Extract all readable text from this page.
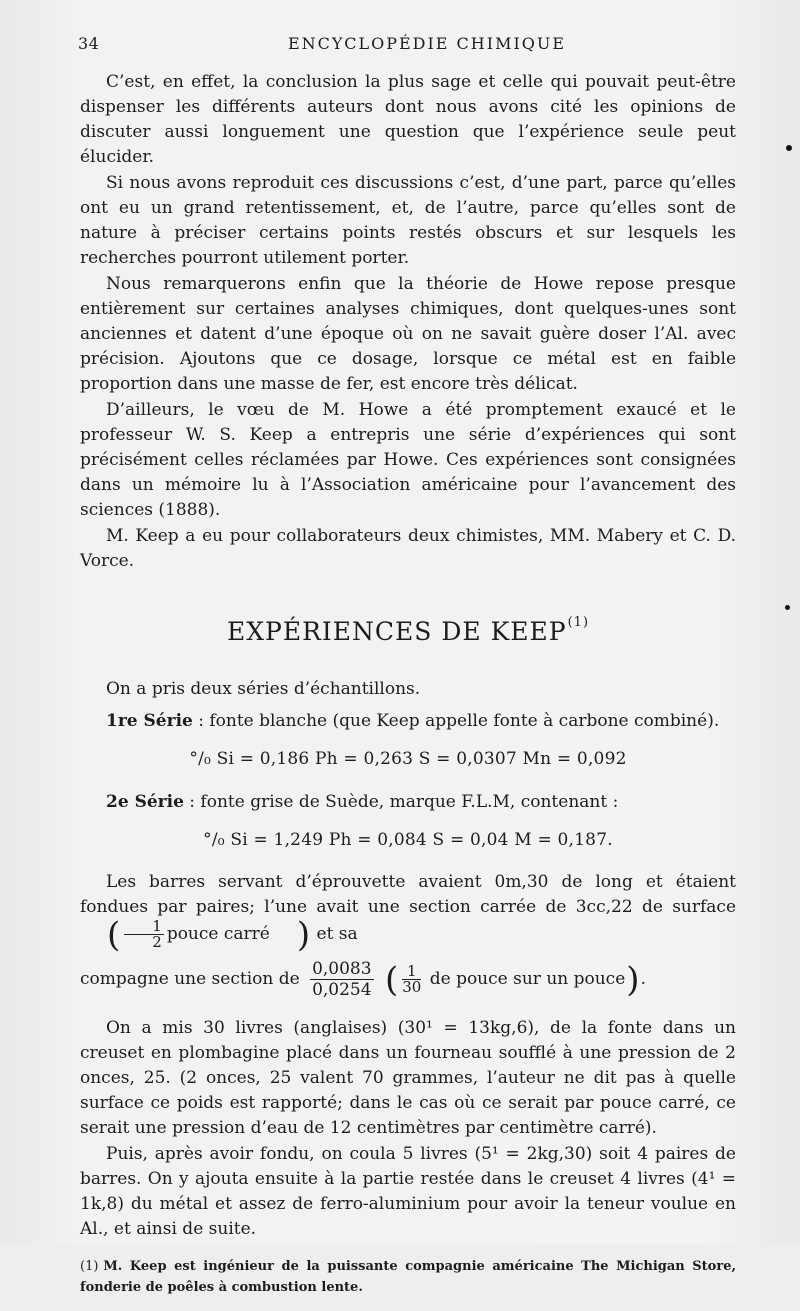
34	ENCYCLOPÉDIE CHIMIQUE

C’est, en effet, la conclusion la plus sage et celle qui pouvait peut-être dispenser les différents auteurs dont nous avons cité les opinions de discuter aussi longuement une question que l’expérience seule peut élucider.

Si nous avons reproduit ces discussions c’est, d’une part, parce qu’elles ont eu un grand retentissement, et, de l’autre, parce qu’elles sont de nature à préciser certains points restés obscurs et sur lesquels les recherches pourront utilement porter.

Nous remarquerons enfin que la théorie de Howe repose presque entièrement sur certaines analyses chimiques, dont quelques-unes sont anciennes et datent d’une époque où on ne savait guère doser l’Al. avec précision. Ajoutons que ce dosage, lorsque ce métal est en faible proportion dans une masse de fer, est encore très délicat.

D’ailleurs, le vœu de M. Howe a été promptement exaucé et le professeur W. S. Keep a entrepris une série d’expériences qui sont précisément celles réclamées par Howe. Ces expériences sont consignées dans un mémoire lu à l’Association américaine pour l’avancement des sciences (1888).

M. Keep a eu pour collaborateurs deux chimistes, MM. Mabery et C. D. Vorce.

EXPÉRIENCES DE KEEP(1)

On a pris deux séries d’échantillons.

1re Série : fonte blanche (que Keep appelle fonte à carbone combiné).

°/₀ Si = 0,186 Ph = 0,263 S = 0,0307 Mn = 0,092

2e Série : fonte grise de Suède, marque F.L.M, contenant :

°/₀ Si = 1,249 Ph = 0,084 S = 0,04 M = 0,187.

Les barres servant d’éprouvette avaient 0m,30 de long et étaient fondues par paires; l’une avait une section carrée de 3cc,22 de surface ( $\frac{1}{2}$ pouce carré ) et sa

compagne une section de $\frac{0,0083}{0,0254}$ ( $\frac{1}{30}$ de pouce sur un pouce).

On a mis 30 livres (anglaises) (30¹ = 13kg,6), de la fonte dans un creuset en plombagine placé dans un fourneau soufflé à une pression de 2 onces, 25. (2 onces, 25 valent 70 grammes, l’auteur ne dit pas à quelle surface ce poids est rapporté; dans le cas où ce serait par pouce carré, ce serait une pression d’eau de 12 centimètres par centimètre carré).

Puis, après avoir fondu, on coula 5 livres (5¹ = 2kg,30) soit 4 paires de barres. On y ajouta ensuite à la partie restée dans le creuset 4 livres (4¹ = 1k,8) du métal et assez de ferro-aluminium pour avoir la teneur voulue en Al., et ainsi de suite.

(1) M. Keep est ingénieur de la puissante compagnie américaine The Michigan Store, fonderie de poêles à combustion lente.
